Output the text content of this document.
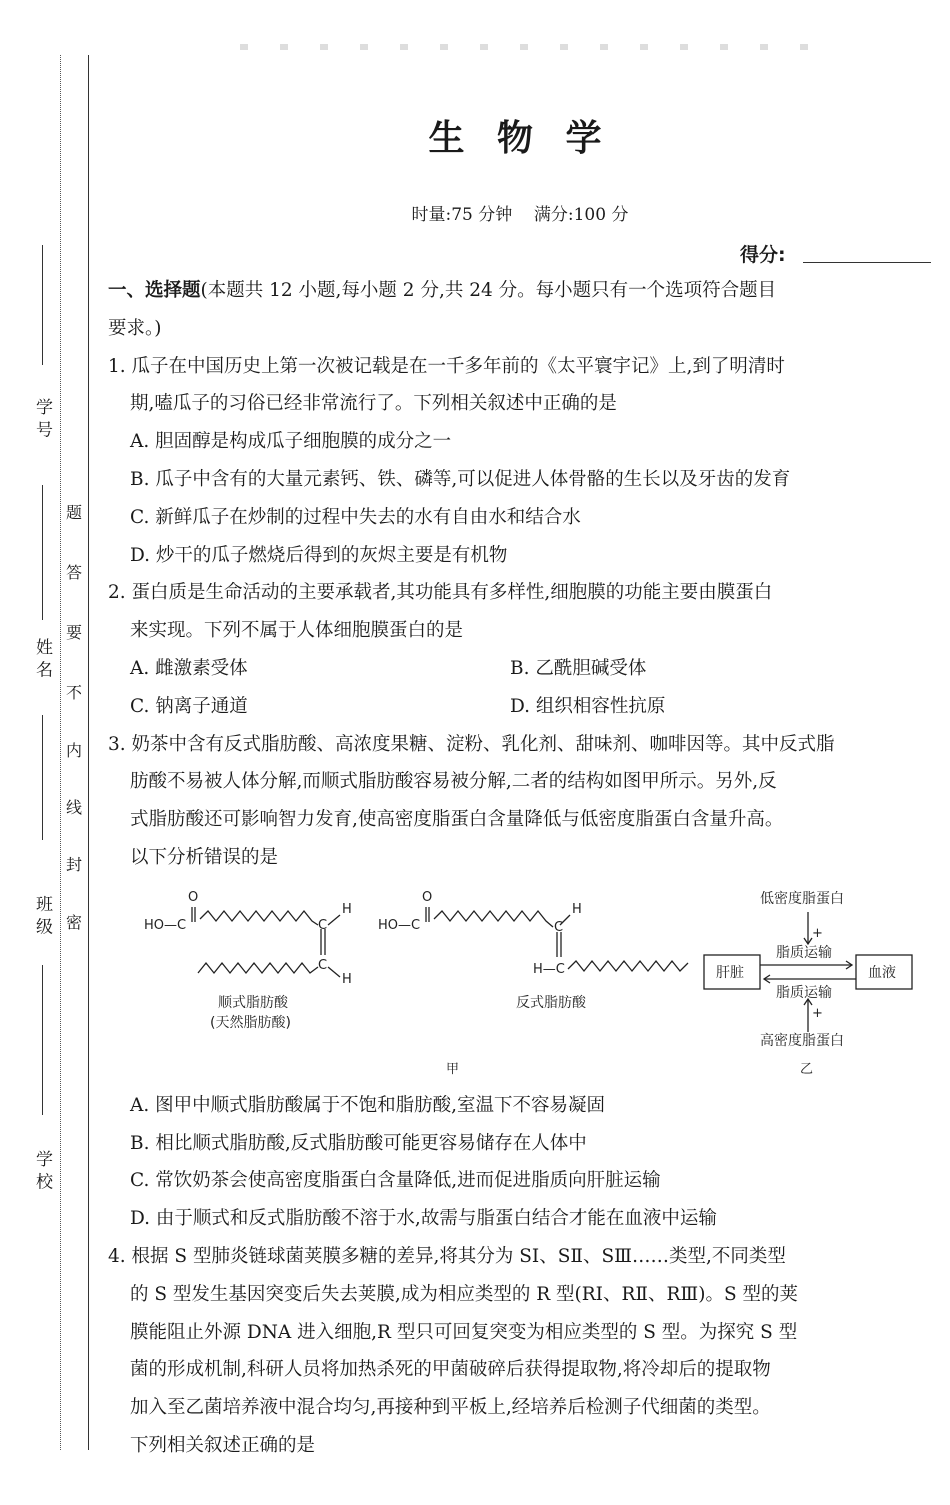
学 号
姓 名
班 级
学 校
题
答
要
不
内
线
封
密
生 物 学
时量:75 分钟    满分:100 分
得分:

一、选择题(本题共 12 小题,每小题 2 分,共 24 分。每小题只有一个选项符合题目

要求。)

1. 瓜子在中国历史上第一次被记载是在一千多年前的《太平寰宇记》上,到了明清时

期,嗑瓜子的习俗已经非常流行了。下列相关叙述中正确的是

A. 胆固醇是构成瓜子细胞膜的成分之一

B. 瓜子中含有的大量元素钙、铁、磷等,可以促进人体骨骼的生长以及牙齿的发育

C. 新鲜瓜子在炒制的过程中失去的水有自由水和结合水

D. 炒干的瓜子燃烧后得到的灰烬主要是有机物

2. 蛋白质是生命活动的主要承载者,其功能具有多样性,细胞膜的功能主要由膜蛋白

来实现。下列不属于人体细胞膜蛋白的是

A. 雌激素受体	B. 乙酰胆碱受体
C. 钠离子通道	D. 组织相容性抗原

3. 奶茶中含有反式脂肪酸、高浓度果糖、淀粉、乳化剂、甜味剂、咖啡因等。其中反式脂

肪酸不易被人体分解,而顺式脂肪酸容易被分解,二者的结构如图甲所示。另外,反

式脂肪酸还可影响智力发育,使高密度脂蛋白含量降低与低密度脂蛋白含量升高。

以下分析错误的是

O
HO—C
H
C
C
H
顺式脂肪酸
(天然脂肪酸)
O
HO—C
H
C
H—C
反式脂肪酸
甲
低密度脂蛋白
+
脂质运输
肝脏	血液
脂质运输
+
高密度脂蛋白
乙

A. 图甲中顺式脂肪酸属于不饱和脂肪酸,室温下不容易凝固

B. 相比顺式脂肪酸,反式脂肪酸可能更容易储存在人体中

C. 常饮奶茶会使高密度脂蛋白含量降低,进而促进脂质向肝脏运输

D. 由于顺式和反式脂肪酸不溶于水,故需与脂蛋白结合才能在血液中运输

4. 根据 S 型肺炎链球菌荚膜多糖的差异,将其分为 SⅠ、SⅡ、SⅢ……类型,不同类型

的 S 型发生基因突变后失去荚膜,成为相应类型的 R 型(RⅠ、RⅡ、RⅢ)。S 型的荚

膜能阻止外源 DNA 进入细胞,R 型只可回复突变为相应类型的 S 型。为探究 S 型

菌的形成机制,科研人员将加热杀死的甲菌破碎后获得提取物,将冷却后的提取物

加入至乙菌培养液中混合均匀,再接种到平板上,经培养后检测子代细菌的类型。

下列相关叙述正确的是
